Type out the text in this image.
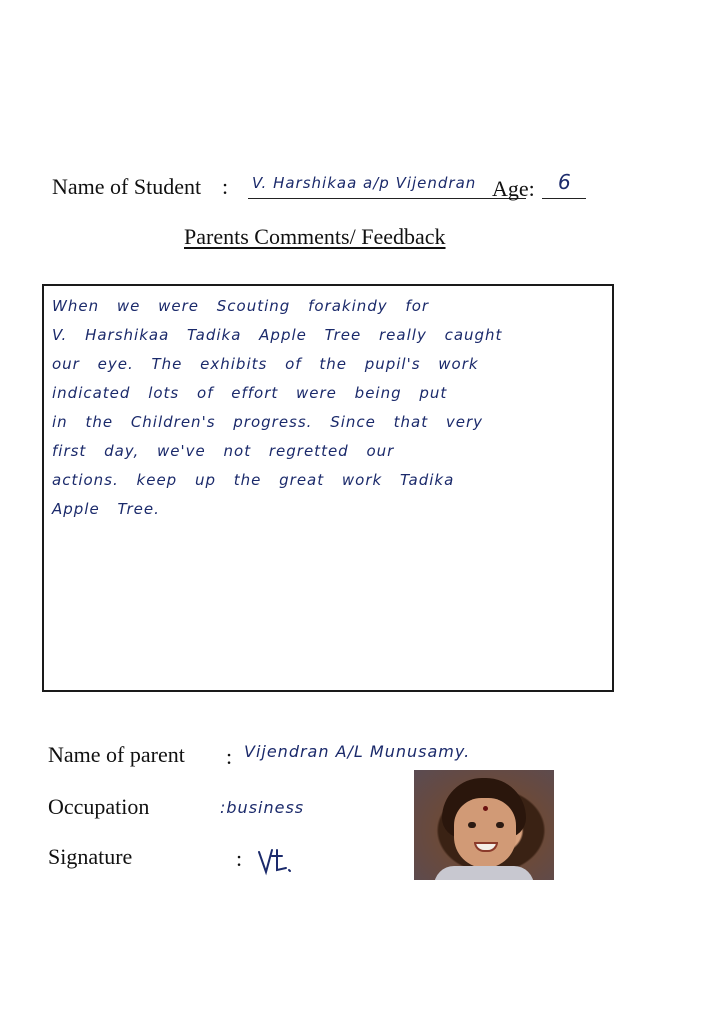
Name of Student : V. Harshikaa a/p Vijendran Age: 6
Parents Comments/ Feedback
When we were Scouting forakindy for
V. Harshikaa Tadika Apple Tree really caught
our eye. The exhibits of the pupil's work
indicated lots of effort were being put
in the Children's progress. Since that very
first day, we've not regretted our
actions. keep up the great work Tadika
Apple Tree.
Name of parent : Vijendran A/L Munusamy.
Occupation	:business
Signature	:
